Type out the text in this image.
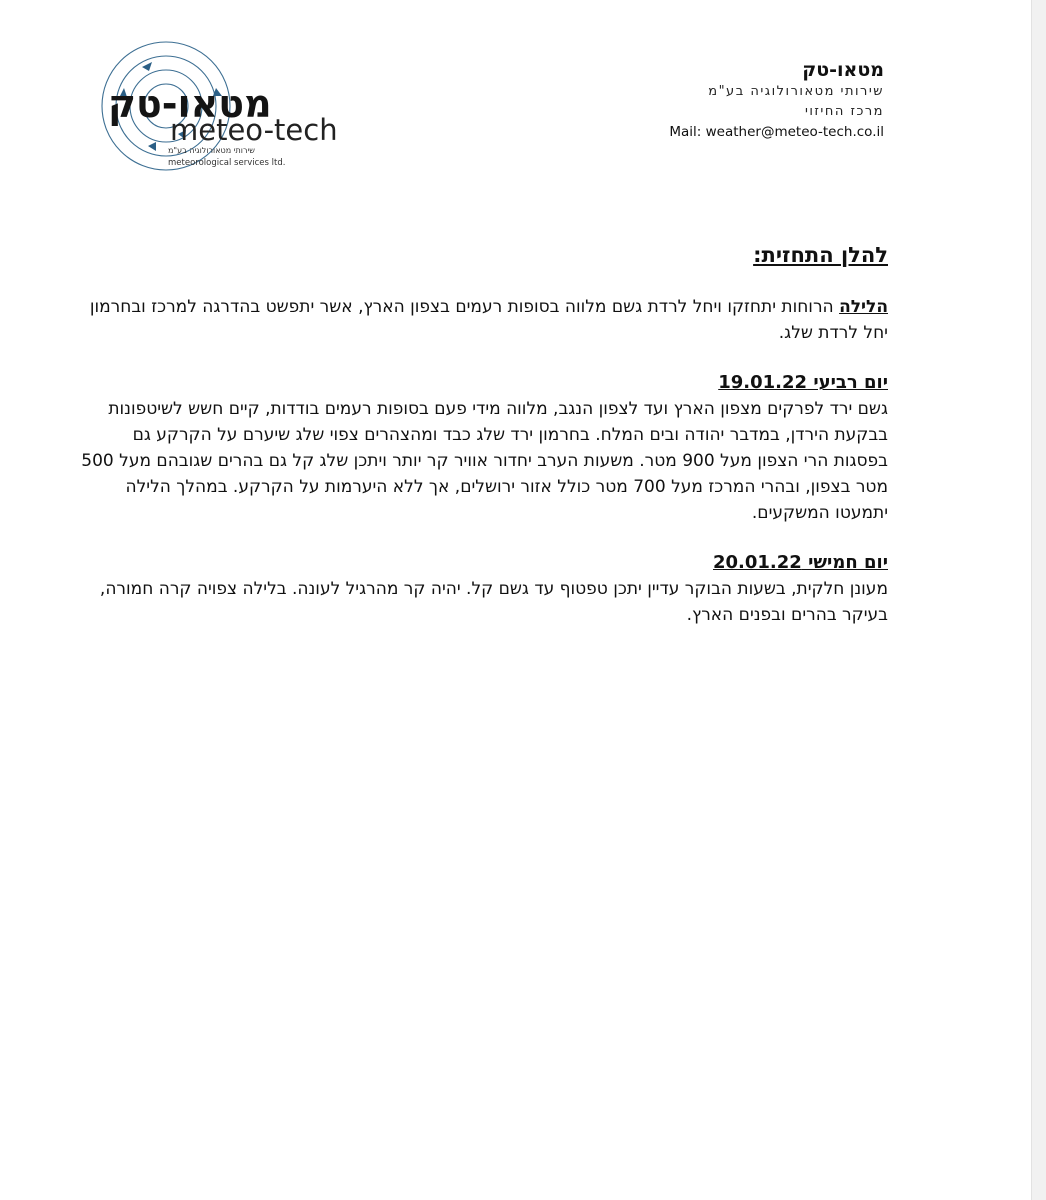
מטאו-טק
meteo-tech
שירותי מטאורולוגיה בע"מ
meteorological services ltd.
מטאו-טק
שירותי מטאורולוגיה בע"מ
מרכז החיזוי
Mail: weather@meteo-tech.co.il
להלן התחזית:
הלילה הרוחות יתחזקו ויחל לרדת גשם מלווה בסופות רעמים בצפון הארץ, אשר יתפשט בהדרגה למרכז ובחרמון יחל לרדת שלג.
יום רביעי 19.01.22
גשם ירד לפרקים מצפון הארץ ועד לצפון הנגב, מלווה מידי פעם בסופות רעמים בודדות, קיים חשש לשיטפונות בבקעת הירדן, במדבר יהודה ובים המלח. בחרמון ירד שלג כבד ומהצהרים צפוי שלג שיערם על הקרקע גם בפסגות הרי הצפון מעל 900 מטר. משעות הערב יחדור אוויר קר יותר ויתכן שלג קל גם בהרים שגובהם מעל 500 מטר בצפון, ובהרי המרכז מעל 700 מטר כולל אזור ירושלים, אך ללא היערמות על הקרקע. במהלך הלילה יתמעטו המשקעים.
יום חמישי 20.01.22
מעונן חלקית, בשעות הבוקר עדיין יתכן טפטוף עד גשם קל. יהיה קר מהרגיל לעונה. בלילה צפויה קרה חמורה, בעיקר בהרים ובפנים הארץ.
